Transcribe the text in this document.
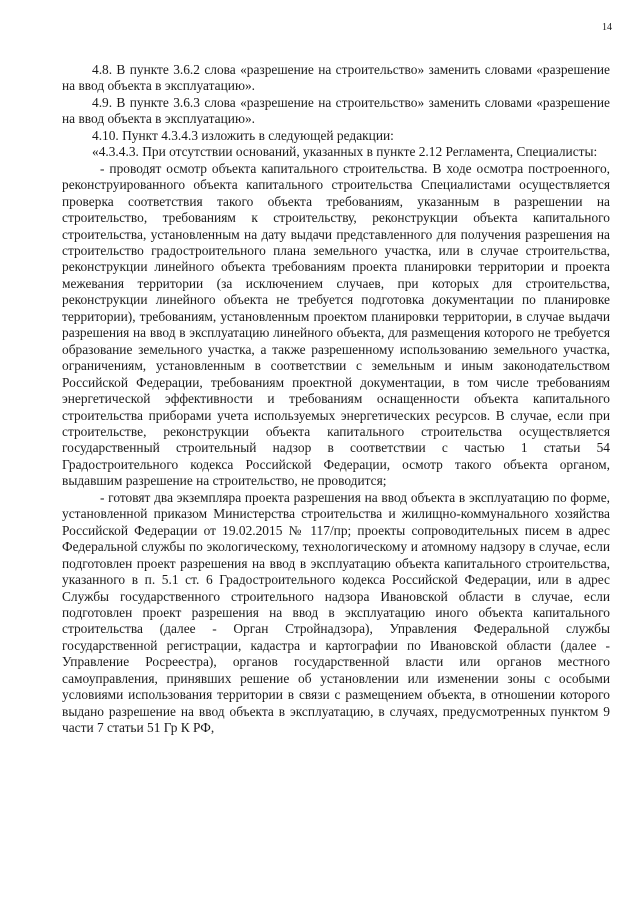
14

4.8. В пункте 3.6.2 слова «разрешение на строительство» заменить словами «разрешение на ввод объекта в эксплуатацию».

4.9. В пункте 3.6.3 слова «разрешение на строительство» заменить словами «разрешение на ввод объекта в эксплуатацию».

4.10. Пункт 4.3.4.3 изложить в следующей редакции:

«4.3.4.3. При отсутствии оснований, указанных в пункте 2.12 Регламента, Специалисты:

- проводят осмотр объекта капитального строительства. В ходе осмотра построенного, реконструированного объекта капитального строительства Специалистами осуществляется проверка соответствия такого объекта требованиям, указанным в разрешении на строительство, требованиям к строительству, реконструкции объекта капитального строительства, установленным на дату выдачи представленного для получения разрешения на строительство градостроительного плана земельного участка, или в случае строительства, реконструкции линейного объекта требованиям проекта планировки территории и проекта межевания территории (за исключением случаев, при которых для строительства, реконструкции линейного объекта не требуется подготовка документации по планировке территории), требованиям, установленным проектом планировки территории, в случае выдачи разрешения на ввод в эксплуатацию линейного объекта, для размещения которого не требуется образование земельного участка, а также разрешенному использованию земельного участка, ограничениям, установленным в соответствии с земельным и иным законодательством Российской Федерации, требованиям проектной документации, в том числе требованиям энергетической эффективности и требованиям оснащенности объекта капитального строительства приборами учета используемых энергетических ресурсов. В случае, если при строительстве, реконструкции объекта капитального строительства осуществляется государственный строительный надзор в соответствии с частью 1 статьи 54 Градостроительного кодекса Российской Федерации, осмотр такого объекта органом, выдавшим разрешение на строительство, не проводится;

- готовят два экземпляра проекта разрешения на ввод объекта в эксплуатацию по форме, установленной приказом Министерства строительства и жилищно-коммунального хозяйства Российской Федерации от 19.02.2015 № 117/пр; проекты сопроводительных писем в адрес Федеральной службы по экологическому, технологическому и атомному надзору в случае, если подготовлен проект разрешения на ввод в эксплуатацию объекта капитального строительства, указанного в п. 5.1 ст. 6 Градостроительного кодекса Российской Федерации, или в адрес Службы государственного строительного надзора Ивановской области в случае, если подготовлен проект разрешения на ввод в эксплуатацию иного объекта капитального строительства (далее - Орган Стройнадзора), Управления Федеральной службы государственной регистрации, кадастра и картографии по Ивановской области (далее - Управление Росреестра), органов государственной власти или органов местного самоуправления, принявших решение об установлении или изменении зоны с особыми условиями использования территории в связи с размещением объекта, в отношении которого выдано разрешение на ввод объекта в эксплуатацию, в случаях, предусмотренных пунктом 9 части 7 статьи 51 Гр К РФ,
